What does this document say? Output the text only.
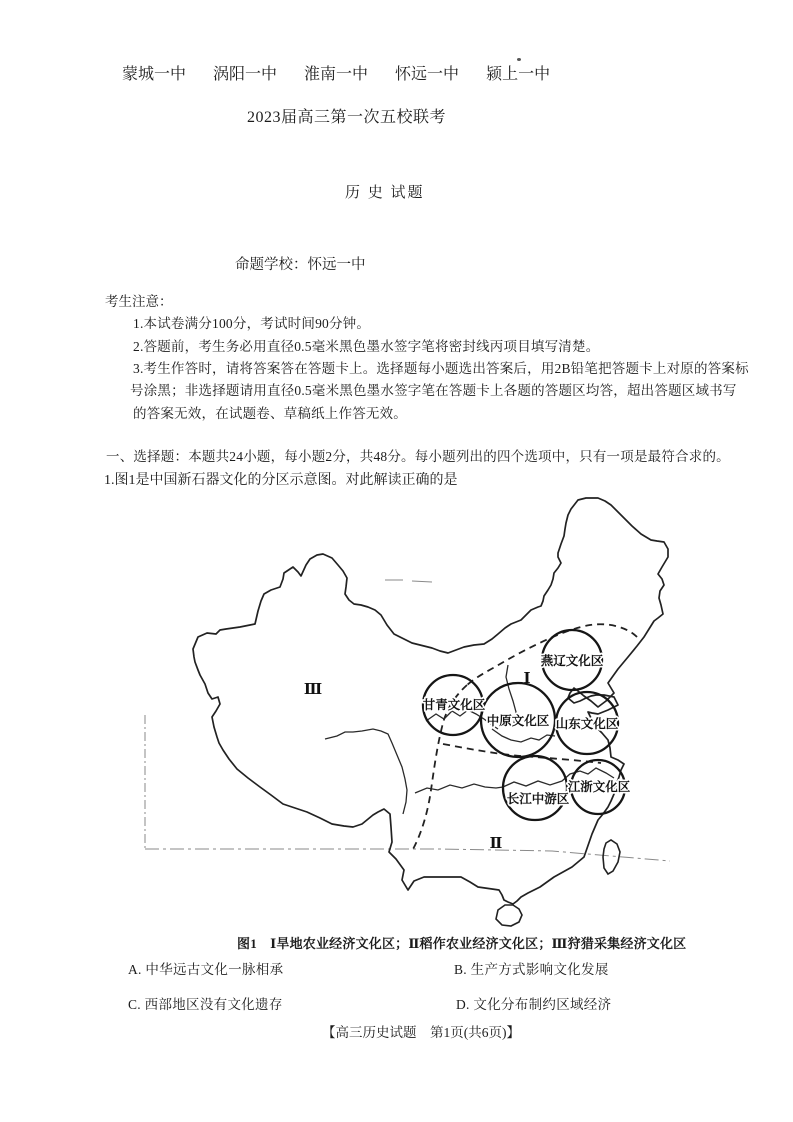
蒙城一中 涡阳一中 淮南一中 怀远一中 颍上一中
2023届高三第一次五校联考
历 史 试题
命题学校：怀远一中
考生注意：
1.本试卷满分100分，考试时间90分钟。
2.答题前，考生务必用直径0.5毫米黑色墨水签字笔将密封线丙项目填写清楚。
3.考生作答时，请将答案答在答题卡上。选择题每小题选出答案后，用2B铅笔把答题卡上对原的答案标
号涂黑；非选择题请用直径0.5毫米黑色墨水签字笔在答题卡上各题的答题区均答，超出答题区域书写
的答案无效，在试题卷、草稿纸上作答无效。
一、选择题：本题共24小题，每小题2分，共48分。每小题列出的四个选项中，只有一项是最符合求的。
1.图1是中国新石器文化的分区示意图。对此解读正确的是
燕辽文化区
甘青文化区
中原文化区 山东文化区
长江中游区
江浙文化区
Ⅰ
Ⅱ
Ⅲ
图1　Ⅰ旱地农业经济文化区；Ⅱ稻作农业经济文化区；Ⅲ狩猎采集经济文化区
A. 中华远古文化一脉相承	B. 生产方式影响文化发展
C. 西部地区没有文化遗存	D. 文化分布制约区域经济
【高三历史试题　第1页(共6页)】
